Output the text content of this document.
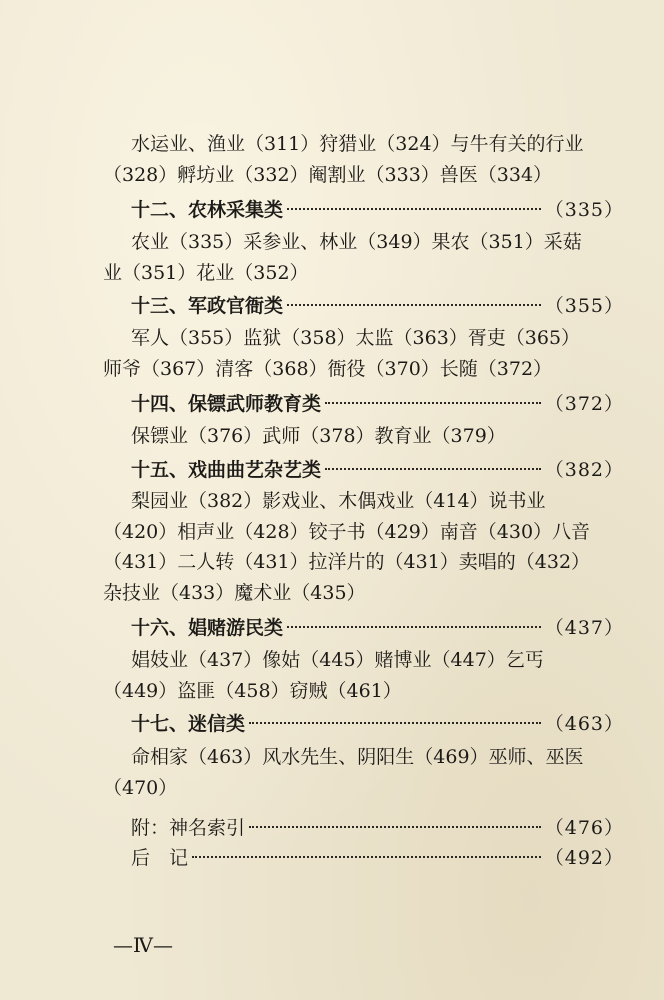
水运业、渔业（311）狩猎业（324）与牛有关的行业
（328）孵坊业（332）阉割业（333）兽医（334）
十二、农林采集类	（335）
农业（335）采参业、林业（349）果农（351）采菇
业（351）花业（352）
十三、军政官衙类	（355）
军人（355）监狱（358）太监（363）胥吏（365）
师爷（367）清客（368）衙役（370）长随（372）
十四、保镖武师教育类	（372）
保镖业（376）武师（378）教育业（379）
十五、戏曲曲艺杂艺类	（382）
梨园业（382）影戏业、木偶戏业（414）说书业
（420）相声业（428）铰子书（429）南音（430）八音
（431）二人转（431）拉洋片的（431）卖唱的（432）
杂技业（433）魔术业（435）
十六、娼赌游民类	（437）
娼妓业（437）像姑（445）赌博业（447）乞丐
（449）盗匪（458）窃贼（461）
十七、迷信类	（463）
命相家（463）风水先生、阴阳生（469）巫师、巫医
（470）
附：神名索引	（476）
后　记	（492）
—Ⅳ—
